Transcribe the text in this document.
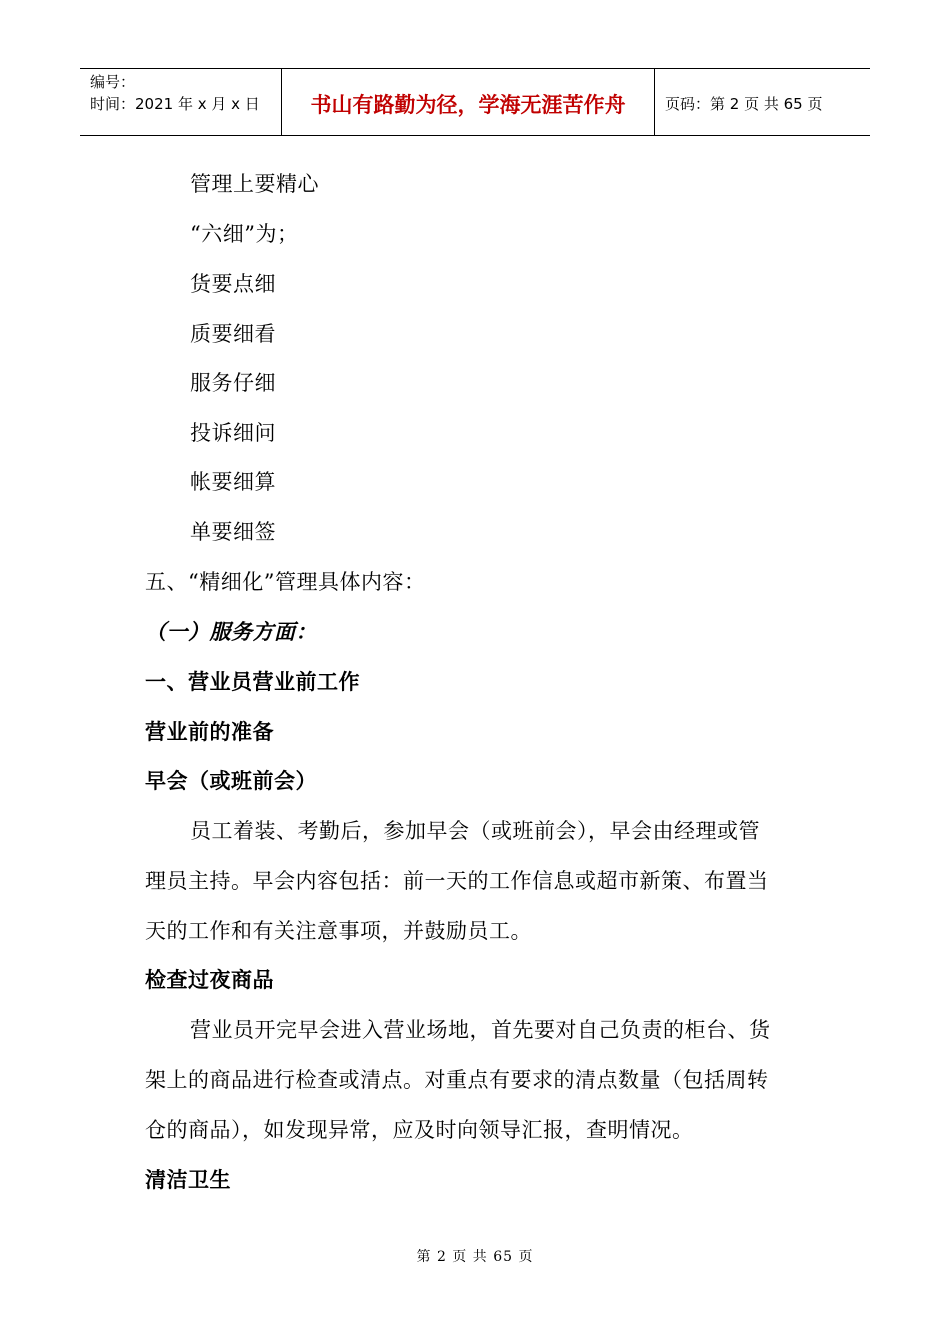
编号：
时间：2021 年 x 月 x 日	书山有路勤为径，学海无涯苦作舟	页码：第 2 页 共 65 页
管理上要精心
“六细”为；
货要点细
质要细看
服务仔细
投诉细问
帐要细算
单要细签
五、“精细化”管理具体内容：
（一）服务方面：
一、营业员营业前工作
营业前的准备
早会（或班前会）
员工着装、考勤后，参加早会（或班前会），早会由经理或管
理员主持。早会内容包括：前一天的工作信息或超市新策、布置当
天的工作和有关注意事项，并鼓励员工。
检查过夜商品
营业员开完早会进入营业场地，首先要对自己负责的柜台、货
架上的商品进行检查或清点。对重点有要求的清点数量（包括周转
仓的商品），如发现异常，应及时向领导汇报，查明情况。
清洁卫生
第 2 页 共 65 页
